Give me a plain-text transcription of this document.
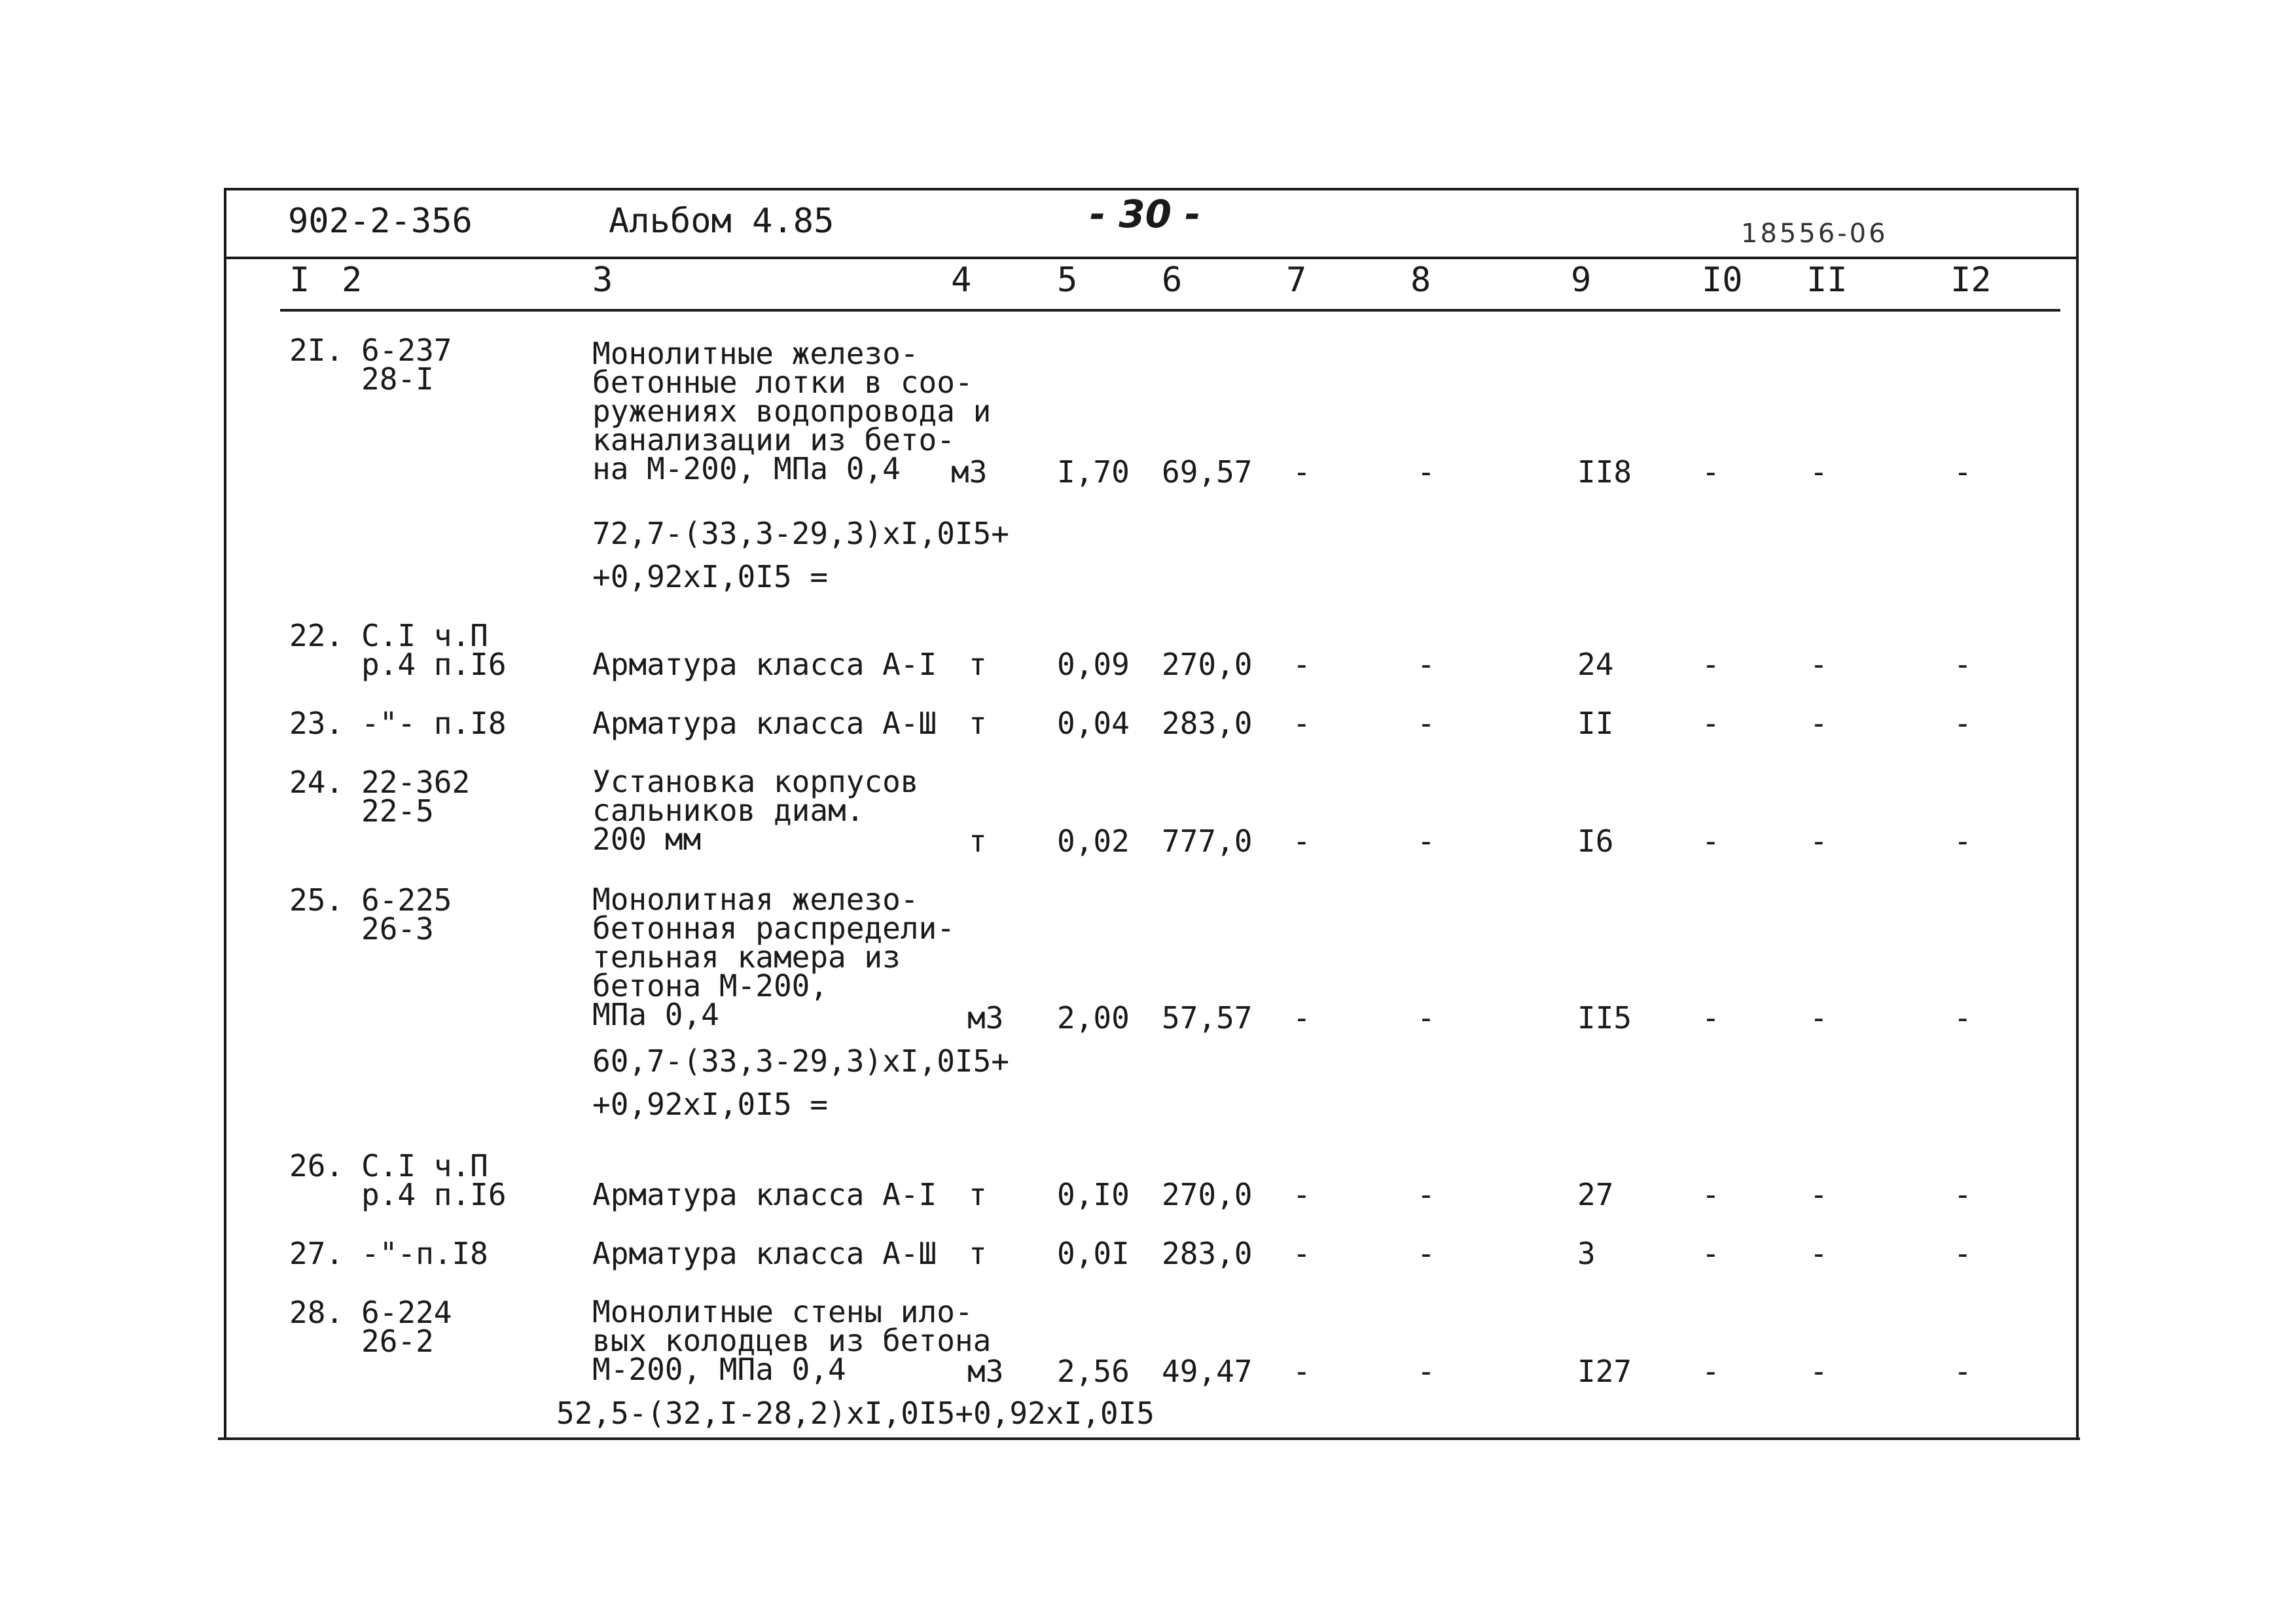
902-2-356	Альбом 4.85	- 30 -	18556-06
I 2	3	4	5 6	7	8	9	I0 II	I2
2I. 6-237
28-I
Монолитные железо-
бетонные лотки в соо-
ружениях водопровода и
канализации из бето-
на М-200, МПа 0,4	м3 I,70 69,57 -	-	II8 -	-	-
72,7-(33,3-29,3)хI,0I5+
+0,92хI,0I5 =
22. С.I ч.П
р.4 п.I6	Арматура класса А-I т 0,09 270,0 -	-	24	-	-	-
23. -"- п.I8	Арматура класса А-Ш т 0,04 283,0 -	-	II	-	-	-
24. 22-362
22-5
Установка корпусов
сальников диам.
200 мм	т 0,02 777,0 -	-	I6	-	-	-
25. 6-225
26-3
Монолитная железо-
бетонная распредели-
тельная камера из
бетона М-200,
МПа 0,4	м3 2,00 57,57 -	-	II5 -	-	-
60,7-(33,3-29,3)хI,0I5+
+0,92хI,0I5 =
26. С.I ч.П
р.4 п.I6	Арматура класса А-I т 0,I0 270,0 -	-	27	-	-	-
27. -"-п.I8	Арматура класса А-Ш т 0,0I 283,0 -	-	3	-	-	-
28. 6-224
26-2
Монолитные стены ило-
вых колодцев из бетона
М-200, МПа 0,4	м3 2,56 49,47 -	-	I27 -	-	-
52,5-(32,I-28,2)хI,0I5+0,92хI,0I5
